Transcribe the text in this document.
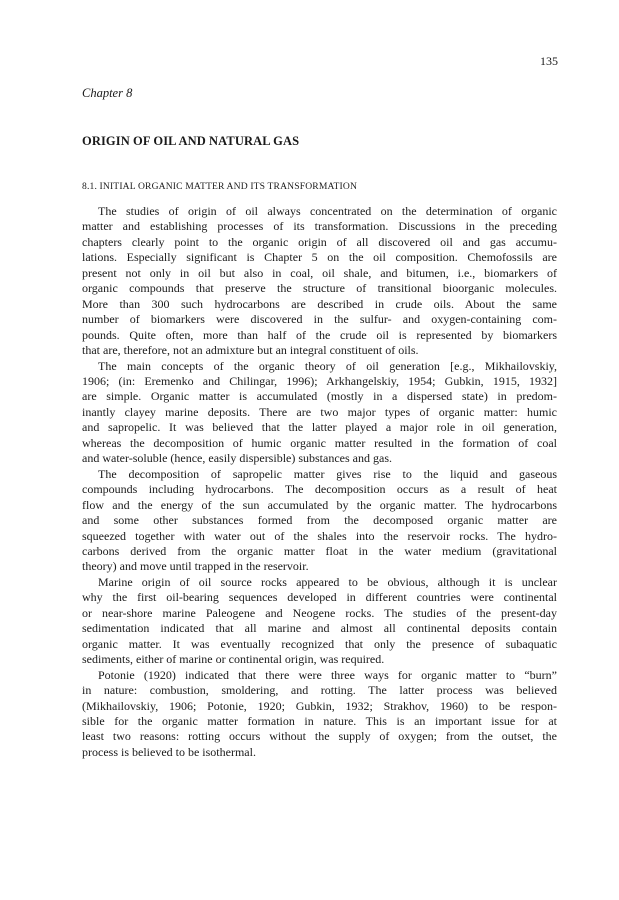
135
Chapter 8
ORIGIN OF OIL AND NATURAL GAS
8.1. INITIAL ORGANIC MATTER AND ITS TRANSFORMATION
The studies of origin of oil always concentrated on the determination of organic
matter and establishing processes of its transformation. Discussions in the preceding
chapters clearly point to the organic origin of all discovered oil and gas accumu-
lations. Especially significant is Chapter 5 on the oil composition. Chemofossils are
present not only in oil but also in coal, oil shale, and bitumen, i.e., biomarkers of
organic compounds that preserve the structure of transitional bioorganic molecules.
More than 300 such hydrocarbons are described in crude oils. About the same
number of biomarkers were discovered in the sulfur- and oxygen-containing com-
pounds. Quite often, more than half of the crude oil is represented by biomarkers
that are, therefore, not an admixture but an integral constituent of oils.
The main concepts of the organic theory of oil generation [e.g., Mikhailovskiy,
1906; (in: Eremenko and Chilingar, 1996); Arkhangelskiy, 1954; Gubkin, 1915, 1932]
are simple. Organic matter is accumulated (mostly in a dispersed state) in predom-
inantly clayey marine deposits. There are two major types of organic matter: humic
and sapropelic. It was believed that the latter played a major role in oil generation,
whereas the decomposition of humic organic matter resulted in the formation of coal
and water-soluble (hence, easily dispersible) substances and gas.
The decomposition of sapropelic matter gives rise to the liquid and gaseous
compounds including hydrocarbons. The decomposition occurs as a result of heat
flow and the energy of the sun accumulated by the organic matter. The hydrocarbons
and some other substances formed from the decomposed organic matter are
squeezed together with water out of the shales into the reservoir rocks. The hydro-
carbons derived from the organic matter float in the water medium (gravitational
theory) and move until trapped in the reservoir.
Marine origin of oil source rocks appeared to be obvious, although it is unclear
why the first oil-bearing sequences developed in different countries were continental
or near-shore marine Paleogene and Neogene rocks. The studies of the present-day
sedimentation indicated that all marine and almost all continental deposits contain
organic matter. It was eventually recognized that only the presence of subaquatic
sediments, either of marine or continental origin, was required.
Potonie (1920) indicated that there were three ways for organic matter to “burn”
in nature: combustion, smoldering, and rotting. The latter process was believed
(Mikhailovskiy, 1906; Potonie, 1920; Gubkin, 1932; Strakhov, 1960) to be respon-
sible for the organic matter formation in nature. This is an important issue for at
least two reasons: rotting occurs without the supply of oxygen; from the outset, the
process is believed to be isothermal.
